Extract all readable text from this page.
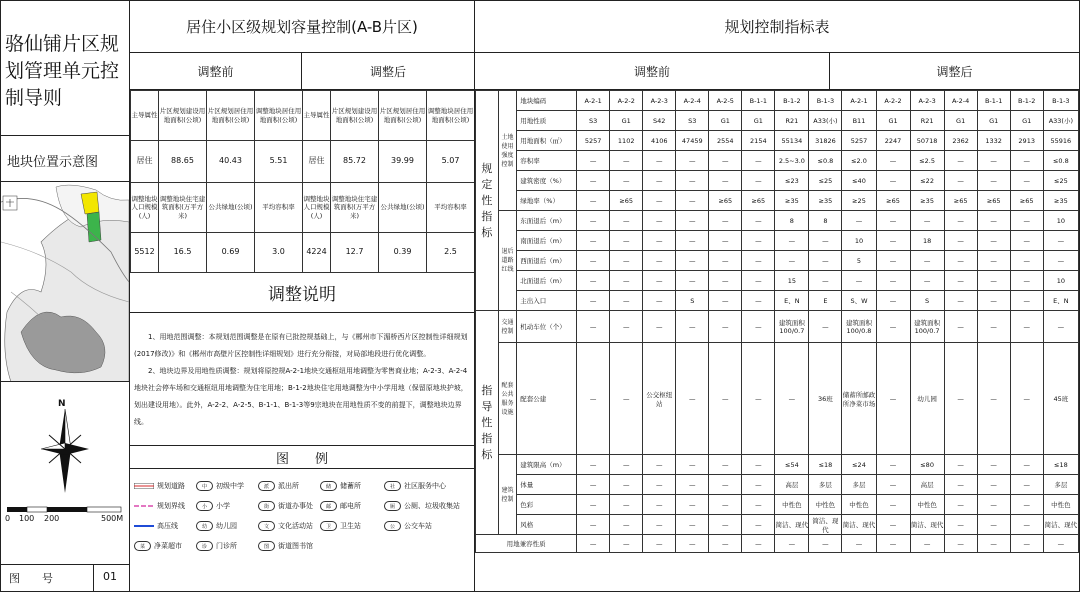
骆仙铺片区规划管理单元控制导则
地块位置示意图
N
0 100 200	500M
图　　号	01
居住小区级规划容量控制(A-B片区)
调整前	调整后
主导属性	片区规划建设用地面积(公顷)	片区规划居住用地面积(公顷)	调整地块居住用地面积(公顷)	主导属性	片区规划建设用地面积(公顷)	片区规划居住用地面积(公顷)	调整地块居住用地面积(公顷)
居住	88.65	40.43	5.51	居住	85.72	39.99	5.07
调整地块人口规模(人)	调整地块住宅建筑面积(万平方米)	公共绿地(公顷)	平均容积率	调整地块人口规模(人)	调整地块住宅建筑面积(万平方米)	公共绿地(公顷)	平均容积率
5512	16.5	0.69	3.0	4224	12.7	0.39	2.5
调整说明
1、用地范围调整：本规划范围调整是在原有已批控规基础上，与《郴州市下湄桥西片区控制性详细规划(2017修改)》和《郴州市高壁片区控制性详细规划》进行充分衔接，对局部地段进行优化调整。
2、地块边界及用地性质调整：规划将原控规A-2-1地块交通枢纽用地调整为零售商业地；A-2-3、A-2-4地块社会停车场和交通枢纽用地调整为住宅用地；B-1-2地块住宅用地调整为中小学用地（保留原地块护坡，划出建设用地）。此外，A-2-2、A-2-5、B-1-1、B-1-3等9宗地块在用地性质不变的前提下，调整地块边界线。
图　　例
规划道路	中	初级中学	派	派出所	储	储蓄所	社	社区服务中心
规划界线	小	小学	街	街道办事处	邮	邮电所	厕	公厕、垃圾收集站
高压线	幼	幼儿园	文	文化活动站	卫	卫生站	公	公交车站
菜	净菜超市	诊	门诊所	图	街道图书馆
规划控制指标表
调整前	调整后
规定性指标	土地使用强度控制	地块编码	A-2-1	A-2-2	A-2-3	A-2-4	A-2-5	B-1-1	B-1-2	B-1-3	A-2-1	A-2-2	A-2-3	A-2-4	B-1-1	B-1-2	B-1-3
		用地性质	S3	G1	S42	S3	G1	G1	R21	A33(小)	B11	G1	R21	G1	G1	G1	A33(小)
		用地面积（㎡）	5257	1102	4106	47459	2554	2154	55134	31826	5257	2247	50718	2362	1332	2913	55916
		容积率	—	—	—	—	—	—	2.5~3.0	≤0.8	≤2.0	—	≤2.5	—	—	—	≤0.8
		建筑密度（%）	—	—	—	—	—	—	≤23	≤25	≤40	—	≤22	—	—	—	≤25
		绿地率（%）	—	≥65	—	—	≥65	≥65	≥35	≥35	≥25	≥65	≥35	≥65	≥65	≥65	≥35
	退后道路红线	东面退后（m）	—	—	—	—	—	—	8	8	—	—	—	—	—	—	10
		南面退后（m）	—	—	—	—	—	—	—	—	10	—	18	—	—	—	—
		西面退后（m）	—	—	—	—	—	—	—	—	5	—	—	—	—	—	—
		北面退后（m）	—	—	—	—	—	—	15	—	—	—	—	—	—	—	10
		主出入口	—	—	—	S	—	—	E、N	E	S、W	—	S	—	—	—	E、N
指导性指标	交通控制	机动车位（个）	—	—	—	—	—	—	建筑面积100/0.7	—	建筑面积100/0.8	—	建筑面积100/0.7	—	—	—	—
	配套公共服务设施	配套公建	—	—	公交枢纽站	—	—	—	—	36班	储蓄所邮政所净菜市场	—	幼儿园	—	—	—	45班
	建筑控制	建筑限高（m）	—	—	—	—	—	—	≤54	≤18	≤24	—	≤80	—	—	—	≤18
		体量	—	—	—	—	—	—	高层	多层	多层	—	高层	—	—	—	多层
		色彩	—	—	—	—	—	—	中性色	中性色	中性色	—	中性色	—	—	—	中性色
		风格	—	—	—	—	—	—	简洁、现代	简洁、现代	简洁、现代	—	简洁、现代	—	—	—	简洁、现代
用地兼容性质			—	—	—	—	—	—	—	—	—	—	—	—	—	—	—
